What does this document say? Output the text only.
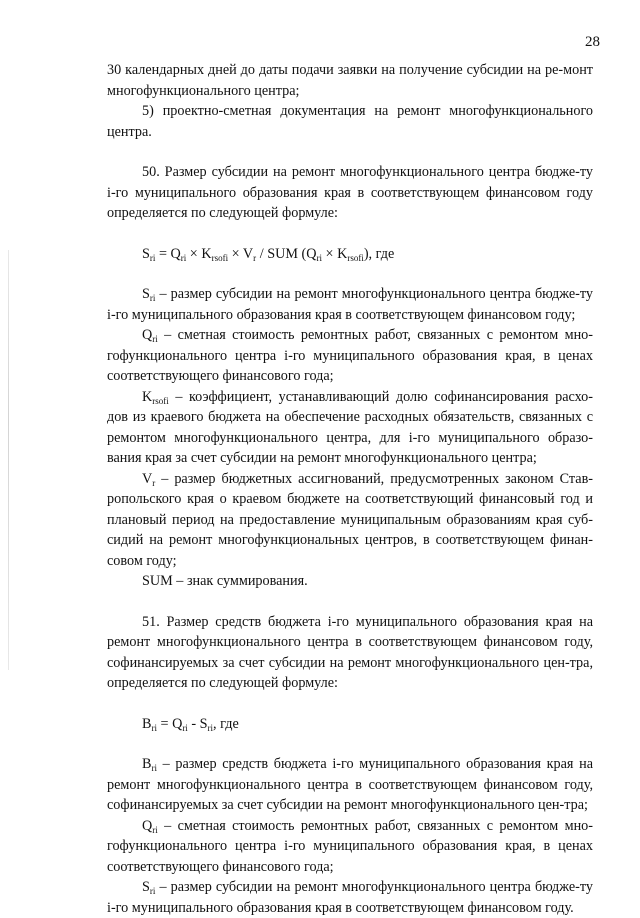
28

30 календарных дней до даты подачи заявки на получение субсидии на ре-монт многофункционального центра;

5) проектно-сметная документация на ремонт многофункционального центра.

50. Размер субсидии на ремонт многофункционального центра бюдже-ту i-го муниципального образования края в соответствующем финансовом году определяется по следующей формуле:

$S_{ri} = Q_{ri} \times K_{rsofi} \times V_r$ / SUM $(Q_{ri} \times K_{rsofi})$, где

$S_{ri}$ – размер субсидии на ремонт многофункционального центра бюдже-ту i-го муниципального образования края в соответствующем финансовом году;

$Q_{ri}$ – сметная стоимость ремонтных работ, связанных с ремонтом мно-гофункционального центра i-го муниципального образования края, в ценах соответствующего финансового года;

$K_{rsofi}$ – коэффициент, устанавливающий долю софинансирования расхо-дов из краевого бюджета на обеспечение расходных обязательств, связанных с ремонтом многофункционального центра, для i-го муниципального образо-вания края за счет субсидии на ремонт многофункционального центра;

$V_r$ – размер бюджетных ассигнований, предусмотренных законом Став-ропольского края о краевом бюджете на соответствующий финансовый год и плановый период на предоставление муниципальным образованиям края суб-сидий на ремонт многофункциональных центров, в соответствующем финан-совом году;

SUM – знак суммирования.

51. Размер средств бюджета i-го муниципального образования края на ремонт многофункционального центра в соответствующем финансовом году, софинансируемых за счет субсидии на ремонт многофункционального цен-тра, определяется по следующей формуле:

$B_{ri} = Q_{ri} - S_{ri}$, где

$B_{ri}$ – размер средств бюджета i-го муниципального образования края на ремонт многофункционального центра в соответствующем финансовом году, софинансируемых за счет субсидии на ремонт многофункционального цен-тра;

$Q_{ri}$ – сметная стоимость ремонтных работ, связанных с ремонтом мно-гофункционального центра i-го муниципального образования края, в ценах соответствующего финансового года;

$S_{ri}$ – размер субсидии на ремонт многофункционального центра бюдже-ту i-го муниципального образования края в соответствующем финансовом году.
